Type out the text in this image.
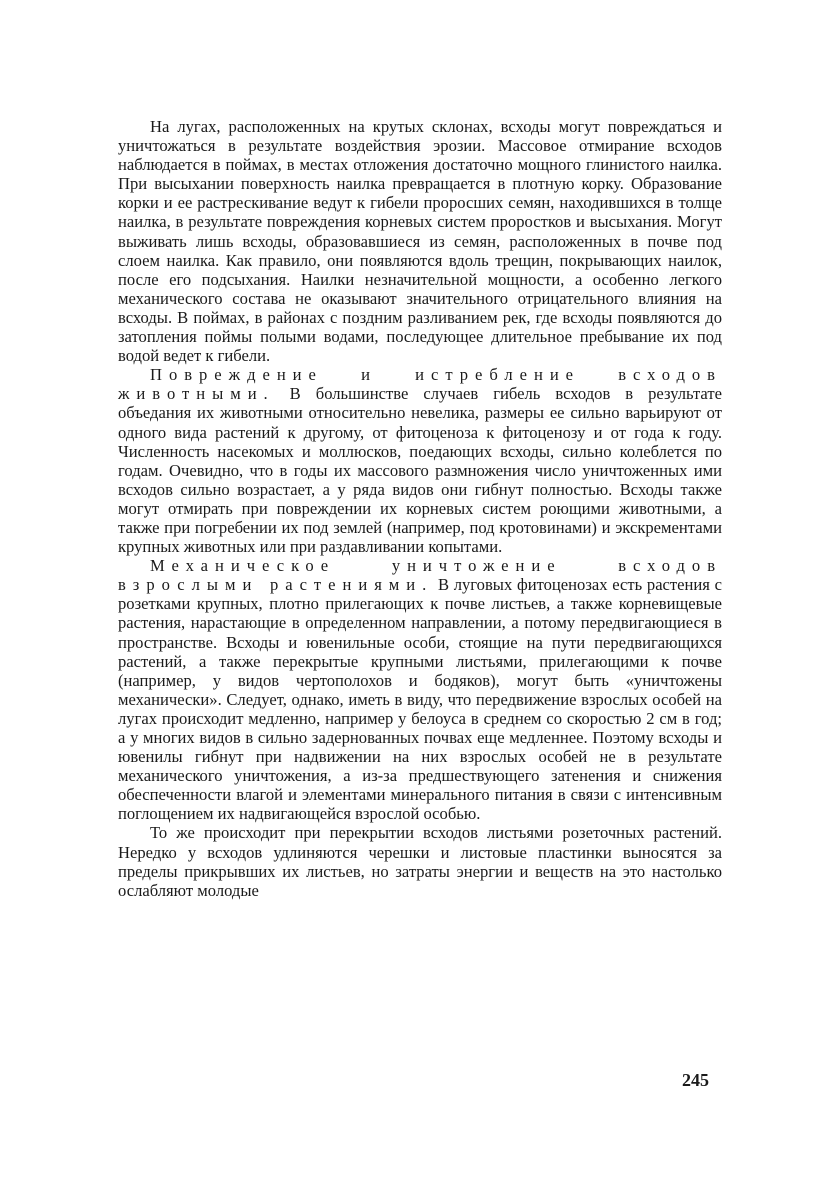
На лугах, расположенных на крутых склонах, всходы могут повреждаться и уничтожаться в результате воздействия эрозии. Массовое отмирание всходов наблюдается в поймах, в местах отложения достаточно мощного глинистого наилка. При высыхании поверхность наилка превращается в плотную корку. Образование корки и ее растрескивание ведут к гибели проросших семян, находившихся в толще наилка, в результате повреждения корневых систем проростков и высыхания. Могут выживать лишь всходы, образовавшиеся из семян, расположенных в почве под слоем наилка. Как правило, они появляются вдоль трещин, покрывающих наилок, после его подсыхания. Наилки незначительной мощности, а особенно легкого механического состава не оказывают значительного отрицательного влияния на всходы. В поймах, в районах с поздним разливанием рек, где всходы появляются до затопления поймы полыми водами, последующее длительное пребывание их под водой ведет к гибели.

Повреждение и истребление всходов животными. В большинстве случаев гибель всходов в результате объедания их животными относительно невелика, размеры ее сильно варьируют от одного вида растений к другому, от фитоценоза к фитоценозу и от года к году. Численность насекомых и моллюсков, поедающих всходы, сильно колеблется по годам. Очевидно, что в годы их массового размножения число уничтоженных ими всходов сильно возрастает, а у ряда видов они гибнут полностью. Всходы также могут отмирать при повреждении их корневых систем роющими животными, а также при погребении их под землей (например, под кротовинами) и экскрементами крупных животных или при раздавливании копытами.

Механическое уничтожение всходов взрослыми растениями. В луговых фитоценозах есть растения с розетками крупных, плотно прилегающих к почве листьев, а также корневищевые растения, нарастающие в определенном направлении, а потому передвигающиеся в пространстве. Всходы и ювенильные особи, стоящие на пути передвигающихся растений, а также перекрытые крупными листьями, прилегающими к почве (например, у видов чертополохов и бодяков), могут быть «уничтожены механически». Следует, однако, иметь в виду, что передвижение взрослых особей на лугах происходит медленно, например у белоуса в среднем со скоростью 2 см в год; а у многих видов в сильно задернованных почвах еще медленнее. Поэтому всходы и ювенилы гибнут при надвижении на них взрослых особей не в результате механического уничтожения, а из-за предшествующего затенения и снижения обеспеченности влагой и элементами минерального питания в связи с интенсивным поглощением их надвигающейся взрослой особью.

То же происходит при перекрытии всходов листьями розеточных растений. Нередко у всходов удлиняются черешки и листовые пластинки выносятся за пределы прикрывших их листьев, но затраты энергии и веществ на это настолько ослабляют молодые

245
